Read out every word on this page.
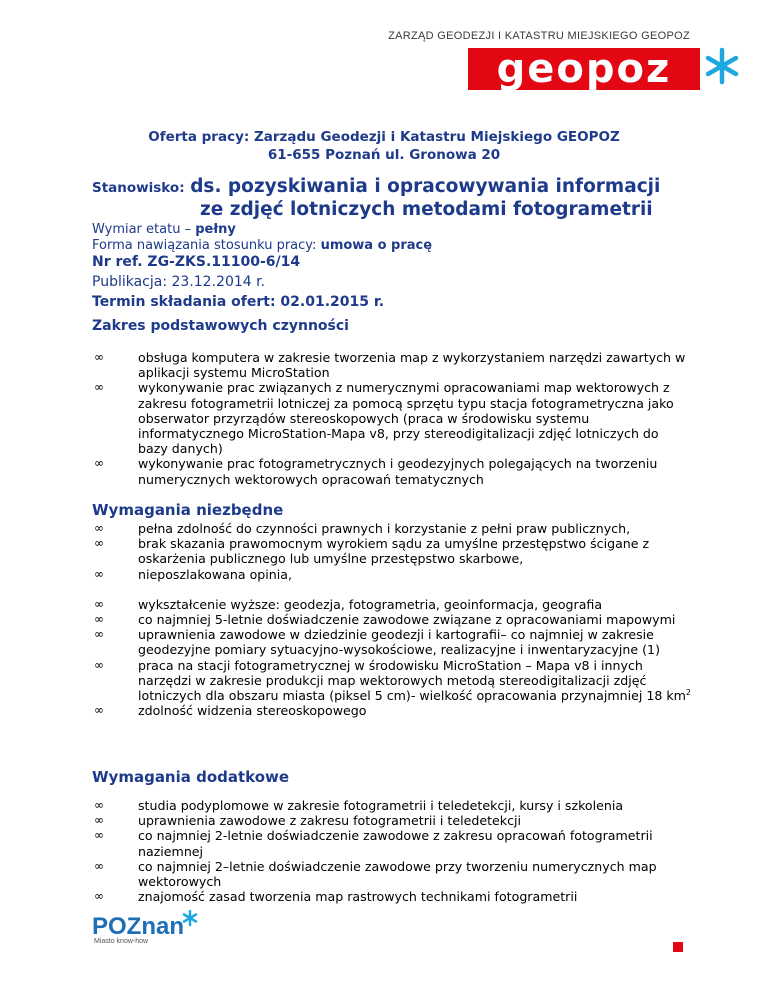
ZARZĄD GEODEZJI I KATASTRU MIEJSKIEGO GEOPOZ
geopoz
Oferta pracy: Zarządu Geodezji i Katastru Miejskiego GEOPOZ
61-655 Poznań ul. Gronowa 20
Stanowisko: ds. pozyskiwania i opracowywania informacji
ze zdjęć lotniczych metodami fotogrametrii
Wymiar etatu – pełny
Forma nawiązania stosunku pracy: umowa o pracę
Nr ref. ZG-ZKS.11100-6/14
Publikacja: 23.12.2014 r.
Termin składania ofert: 02.01.2015 r.
Zakres podstawowych czynności
∞	obsługa komputera w zakresie tworzenia map z wykorzystaniem narzędzi zawartych w aplikacji systemu MicroStation
∞	wykonywanie prac związanych z numerycznymi opracowaniami map wektorowych z zakresu fotogrametrii lotniczej za pomocą sprzętu typu stacja fotogrametryczna jako obserwator przyrządów stereoskopowych (praca w środowisku systemu informatycznego MicroStation-Mapa v8, przy stereodigitalizacji zdjęć lotniczych do bazy danych)
∞	wykonywanie prac fotogrametrycznych i geodezyjnych polegających na tworzeniu numerycznych wektorowych opracowań tematycznych
Wymagania niezbędne
∞	pełna zdolność do czynności prawnych i korzystanie z pełni praw publicznych,
∞	brak skazania prawomocnym wyrokiem sądu za umyślne przestępstwo ścigane z oskarżenia publicznego lub umyślne przestępstwo skarbowe,
∞	nieposzlakowana opinia,
∞	wykształcenie wyższe: geodezja, fotogrametria, geoinformacja, geografia
∞	co najmniej 5-letnie doświadczenie zawodowe związane z opracowaniami mapowymi
∞	uprawnienia zawodowe w dziedzinie geodezji i kartografii– co najmniej w zakresie geodezyjne pomiary sytuacyjno-wysokościowe, realizacyjne i inwentaryzacyjne (1)
∞	praca na stacji fotogrametrycznej w środowisku MicroStation – Mapa v8 i innych narzędzi w zakresie produkcji map wektorowych metodą stereodigitalizacji zdjęć lotniczych dla obszaru miasta (piksel 5 cm)- wielkość opracowania przynajmniej 18 $km^2$
∞	zdolność widzenia stereoskopowego
Wymagania dodatkowe
∞	studia podyplomowe w zakresie fotogrametrii i teledetekcji, kursy i szkolenia
∞	uprawnienia zawodowe z zakresu fotogrametrii i teledetekcji
∞	co najmniej 2-letnie doświadczenie zawodowe z zakresu opracowań fotogrametrii naziemnej
∞	co najmniej 2–letnie doświadczenie zawodowe przy tworzeniu numerycznych map wektorowych
∞	znajomość zasad tworzenia map rastrowych technikami fotogrametrii
POZnan
Miasto know-how
